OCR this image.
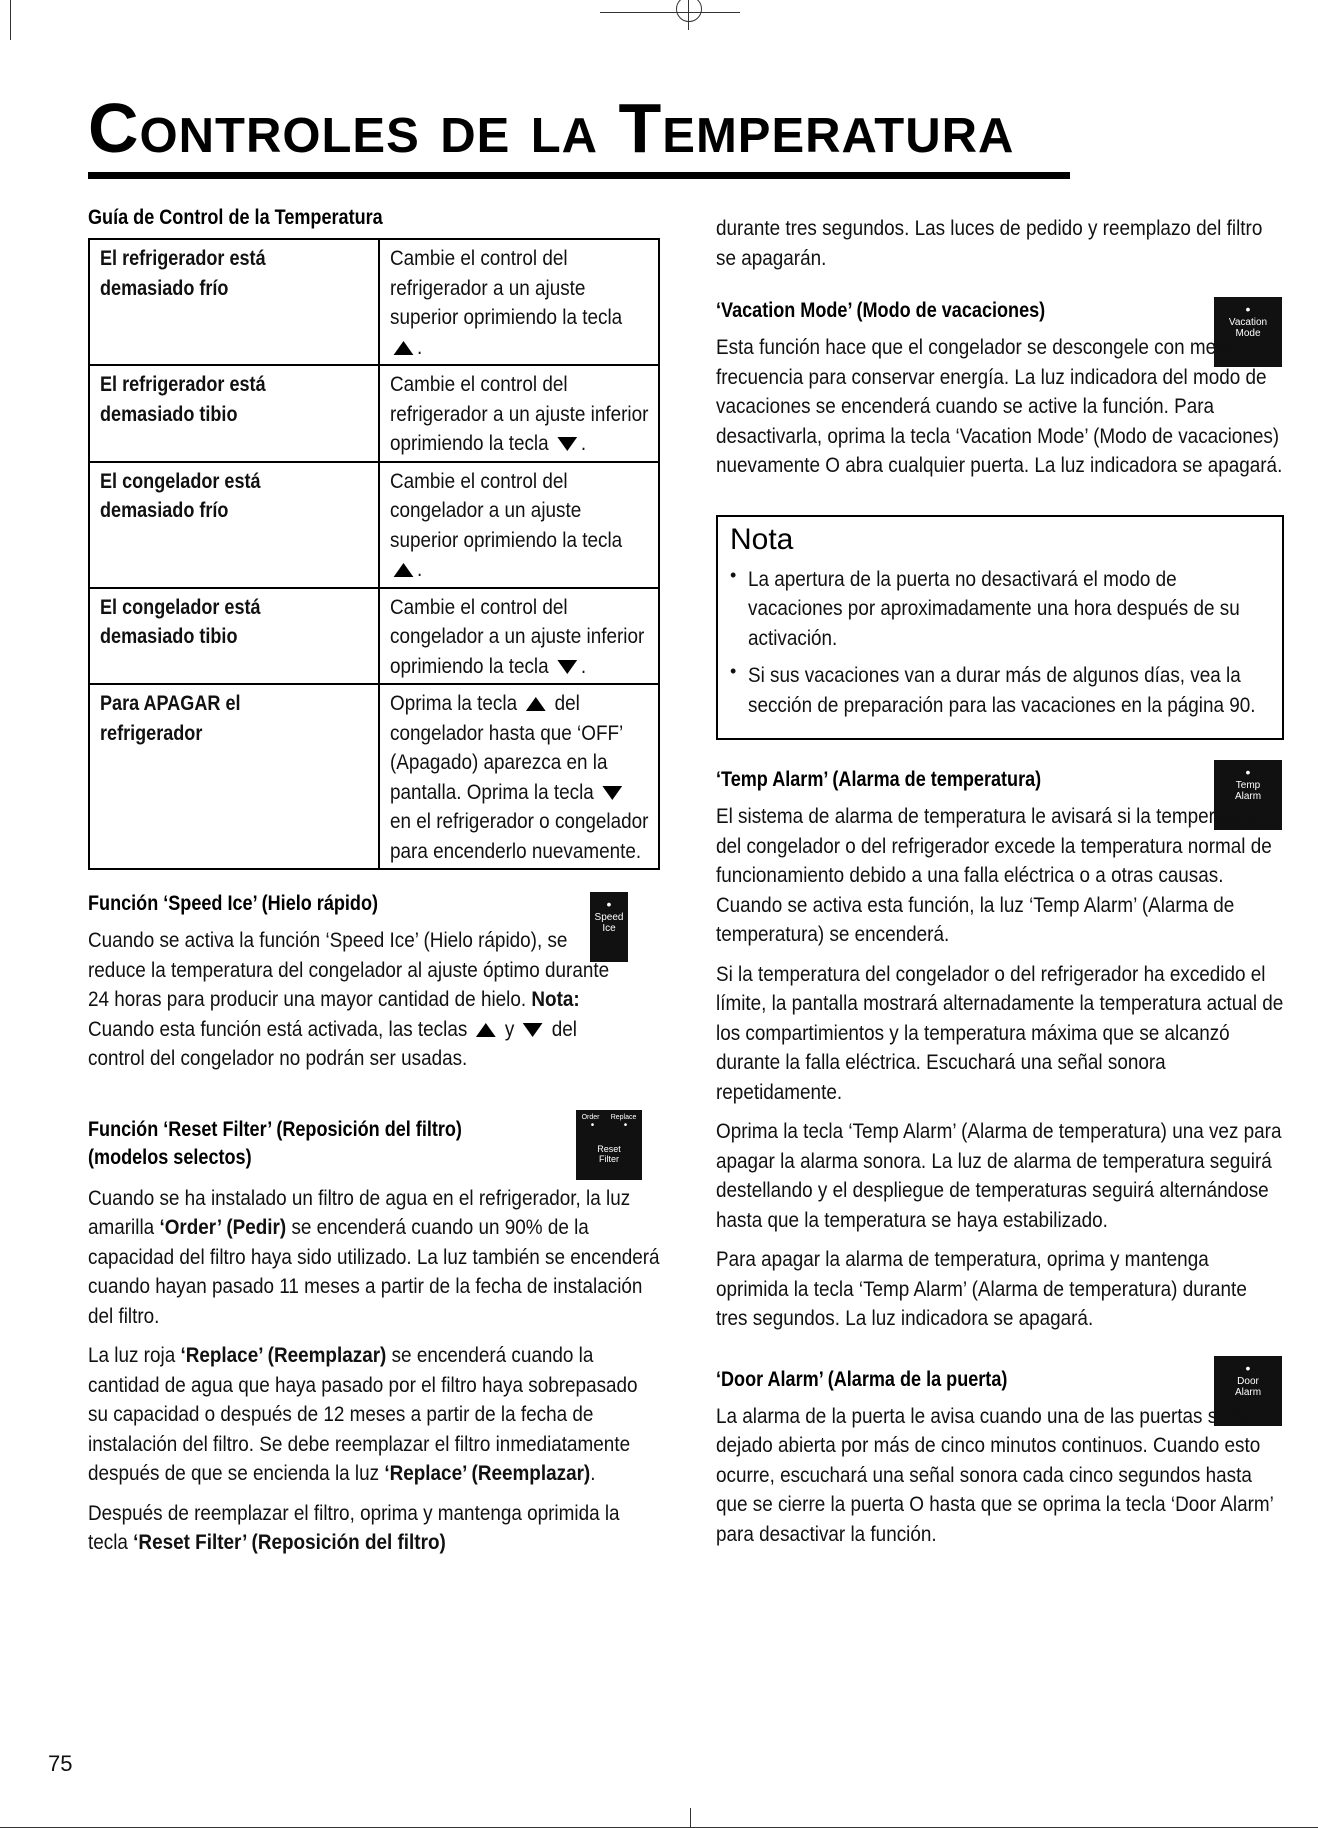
Controles de la Temperatura
Guía de Control de la Temperatura
El refrigerador está demasiado frío	Cambie el control del refrigerador a un ajuste superior oprimiendo la tecla .

El refrigerador está demasiado tibio	Cambie el control del refrigerador a un ajuste inferior oprimiendo la tecla .

El congelador está demasiado frío	Cambie el control del congelador a un ajuste superior oprimiendo la tecla .

El congelador está demasiado tibio	Cambie el control del congelador a un ajuste inferior oprimiendo la tecla .

Para APAGAR el refrigerador	Oprima la tecla del congelador hasta que ‘OFF’ (Apagado) aparezca en la pantalla. Oprima la tecla  en el refrigerador o congelador para encenderlo nuevamente.
Función ‘Speed Ice’ (Hielo rápido)	•
Speed
Ice

Cuando se activa la función ‘Speed Ice’ (Hielo rápido), se reduce la temperatura del congelador al ajuste óptimo durante 24 horas para producir una mayor cantidad de hielo. Nota: Cuando esta función está activada, las teclas y del control del congelador no podrán ser usadas.

Función ‘Reset Filter’ (Reposición del filtro)
(modelos selectos)
Order Replace
•	•
Reset
Filter

Cuando se ha instalado un filtro de agua en el refrigerador, la luz amarilla ‘Order’ (Pedir) se encenderá cuando un 90% de la capacidad del filtro haya sido utilizado. La luz también se encenderá cuando hayan pasado 11 meses a partir de la fecha de instalación del filtro.

La luz roja ‘Replace’ (Reemplazar) se encenderá cuando la cantidad de agua que haya pasado por el filtro haya sobrepasado su capacidad o después de 12 meses a partir de la fecha de instalación del filtro. Se debe reemplazar el filtro inmediatamente después de que se encienda la luz ‘Replace’ (Reemplazar).

Después de reemplazar el filtro, oprima y mantenga oprimida la tecla ‘Reset Filter’ (Reposición del filtro)

durante tres segundos. Las luces de pedido y reemplazo del filtro se apagarán.

‘Vacation Mode’ (Modo de vacaciones)	•
Vacation
Mode

Esta función hace que el congelador se descongele con menor frecuencia para conservar energía. La luz indicadora del modo de vacaciones se encenderá cuando se active la función. Para desactivarla, oprima la tecla ‘Vacation Mode’ (Modo de vacaciones) nuevamente O abra cualquier puerta. La luz indicadora se apagará.

Nota

• La apertura de la puerta no desactivará el modo de vacaciones por aproximadamente una hora después de su activación.

• Si sus vacaciones van a durar más de algunos días, vea la sección de preparación para las vacaciones en la página 90.

‘Temp Alarm’ (Alarma de temperatura)	•
Temp
Alarm

El sistema de alarma de temperatura le avisará si la temperatura del congelador o del refrigerador excede la temperatura normal de funcionamiento debido a una falla eléctrica o a otras causas. Cuando se activa esta función, la luz ‘Temp Alarm’ (Alarma de temperatura) se encenderá.

Si la temperatura del congelador o del refrigerador ha excedido el límite, la pantalla mostrará alternadamente la temperatura actual de los compartimientos y la temperatura máxima que se alcanzó durante la falla eléctrica. Escuchará una señal sonora repetidamente.

Oprima la tecla ‘Temp Alarm’ (Alarma de temperatura) una vez para apagar la alarma sonora. La luz de alarma de temperatura seguirá destellando y el despliegue de temperaturas seguirá alternándose hasta que la temperatura se haya estabilizado.

Para apagar la alarma de temperatura, oprima y mantenga oprimida la tecla ‘Temp Alarm’ (Alarma de temperatura) durante tres segundos. La luz indicadora se apagará.

‘Door Alarm’ (Alarma de la puerta)	•
Door
Alarm

La alarma de la puerta le avisa cuando una de las puertas se ha dejado abierta por más de cinco minutos continuos. Cuando esto ocurre, escuchará una señal sonora cada cinco segundos hasta que se cierre la puerta O hasta que se oprima la tecla ‘Door Alarm’ para desactivar la función.

75
